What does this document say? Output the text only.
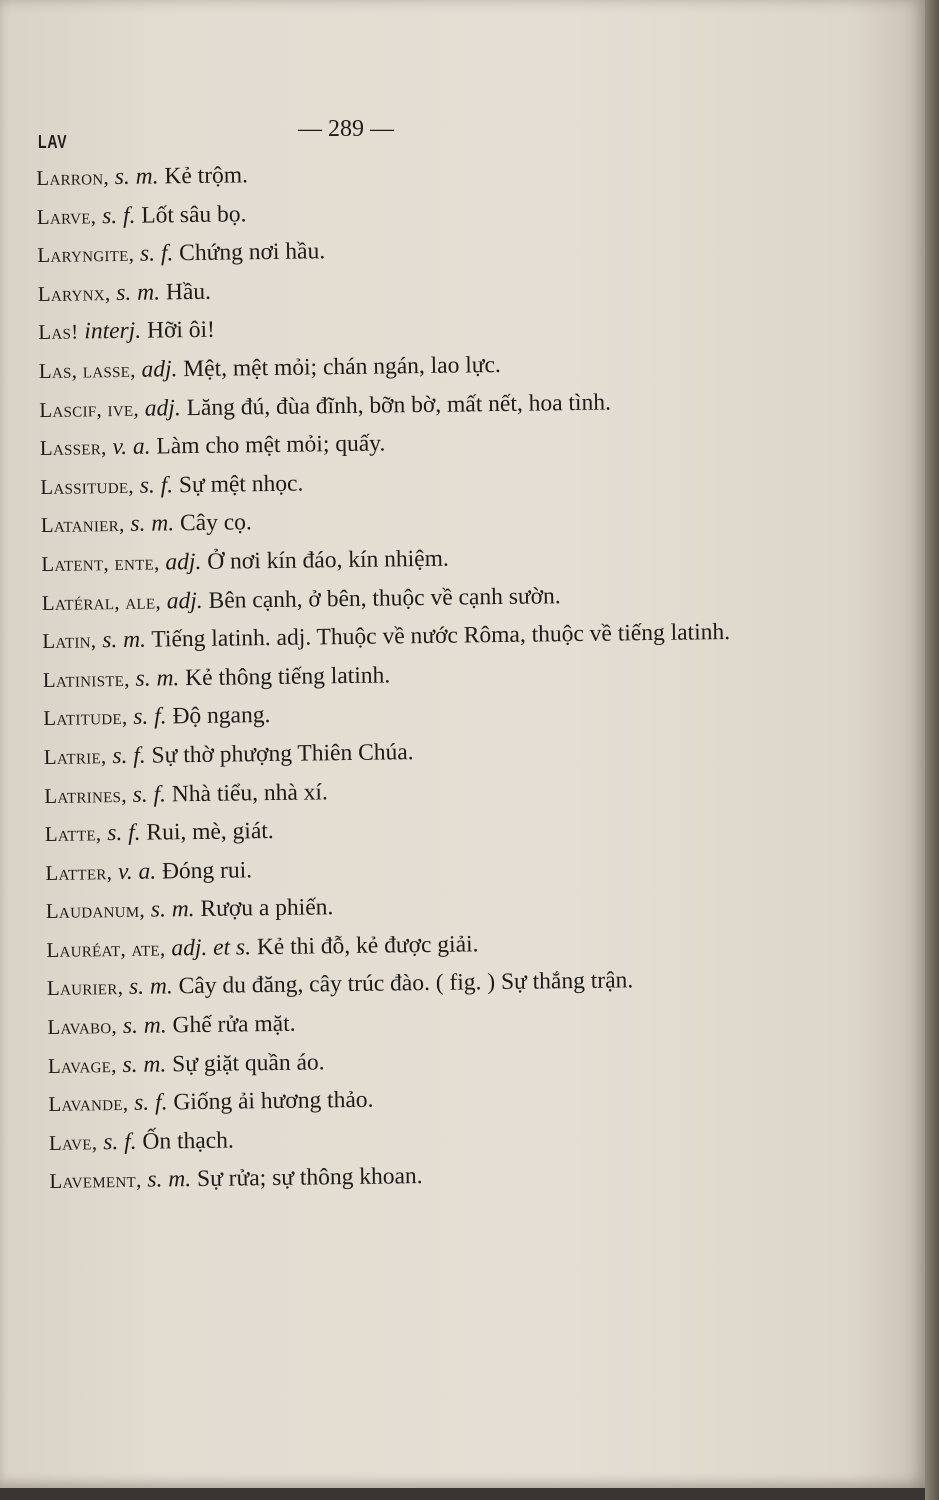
LAV	— 289 —
Larron, s. m. Kẻ trộm.
Larve, s. f. Lốt sâu bọ.
Laryngite, s. f. Chứng nơi hầu.
Larynx, s. m. Hầu.
Las! interj. Hỡi ôi!
Las, lasse, adj. Mệt, mệt mỏi; chán ngán, lao lực.
Lascif, ive, adj. Lăng đú, đùa đĩnh, bỡn bờ, mất nết, hoa tình.
Lasser, v. a. Làm cho mệt mỏi; quấy.
Lassitude, s. f. Sự mệt nhọc.
Latanier, s. m. Cây cọ.
Latent, ente, adj. Ở nơi kín đáo, kín nhiệm.
Latéral, ale, adj. Bên cạnh, ở bên, thuộc về cạnh sườn.
Latin, s. m. Tiếng latinh. adj. Thuộc về nước Rôma, thuộc về tiếng latinh.
Latiniste, s. m. Kẻ thông tiếng latinh.
Latitude, s. f. Độ ngang.
Latrie, s. f. Sự thờ phượng Thiên Chúa.
Latrines, s. f. Nhà tiểu, nhà xí.
Latte, s. f. Rui, mè, giát.
Latter, v. a. Đóng rui.
Laudanum, s. m. Rượu a phiến.
Lauréat, ate, adj. et s. Kẻ thi đỗ, kẻ được giải.
Laurier, s. m. Cây du đăng, cây trúc đào. ( fig. ) Sự thắng trận.
Lavabo, s. m. Ghế rửa mặt.
Lavage, s. m. Sự giặt quần áo.
Lavande, s. f. Giống ải hương thảo.
Lave, s. f. Ốn thạch.
Lavement, s. m. Sự rửa; sự thông khoan.
